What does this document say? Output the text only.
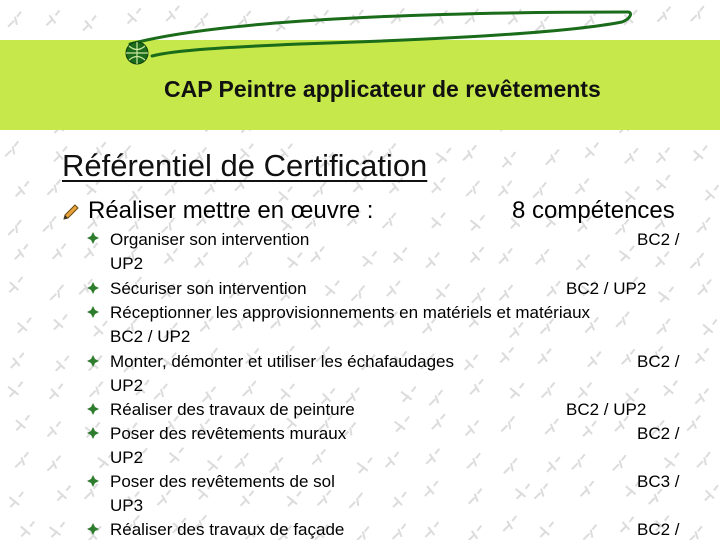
CAP Peintre applicateur de revêtements
Référentiel de Certification
Réaliser mettre en œuvre :	8 compétences
Organiser son intervention	BC2 /
UP2
Sécuriser son intervention	BC2 / UP2
Réceptionner les approvisionnements en matériels et matériaux
BC2 / UP2
Monter, démonter et utiliser les échafaudages	BC2 /
UP2
Réaliser des travaux de peinture	BC2 / UP2
Poser des revêtements muraux	BC2 /
UP2
Poser des revêtements de sol	BC3 /
UP3
Réaliser des travaux de façade	BC2 /
